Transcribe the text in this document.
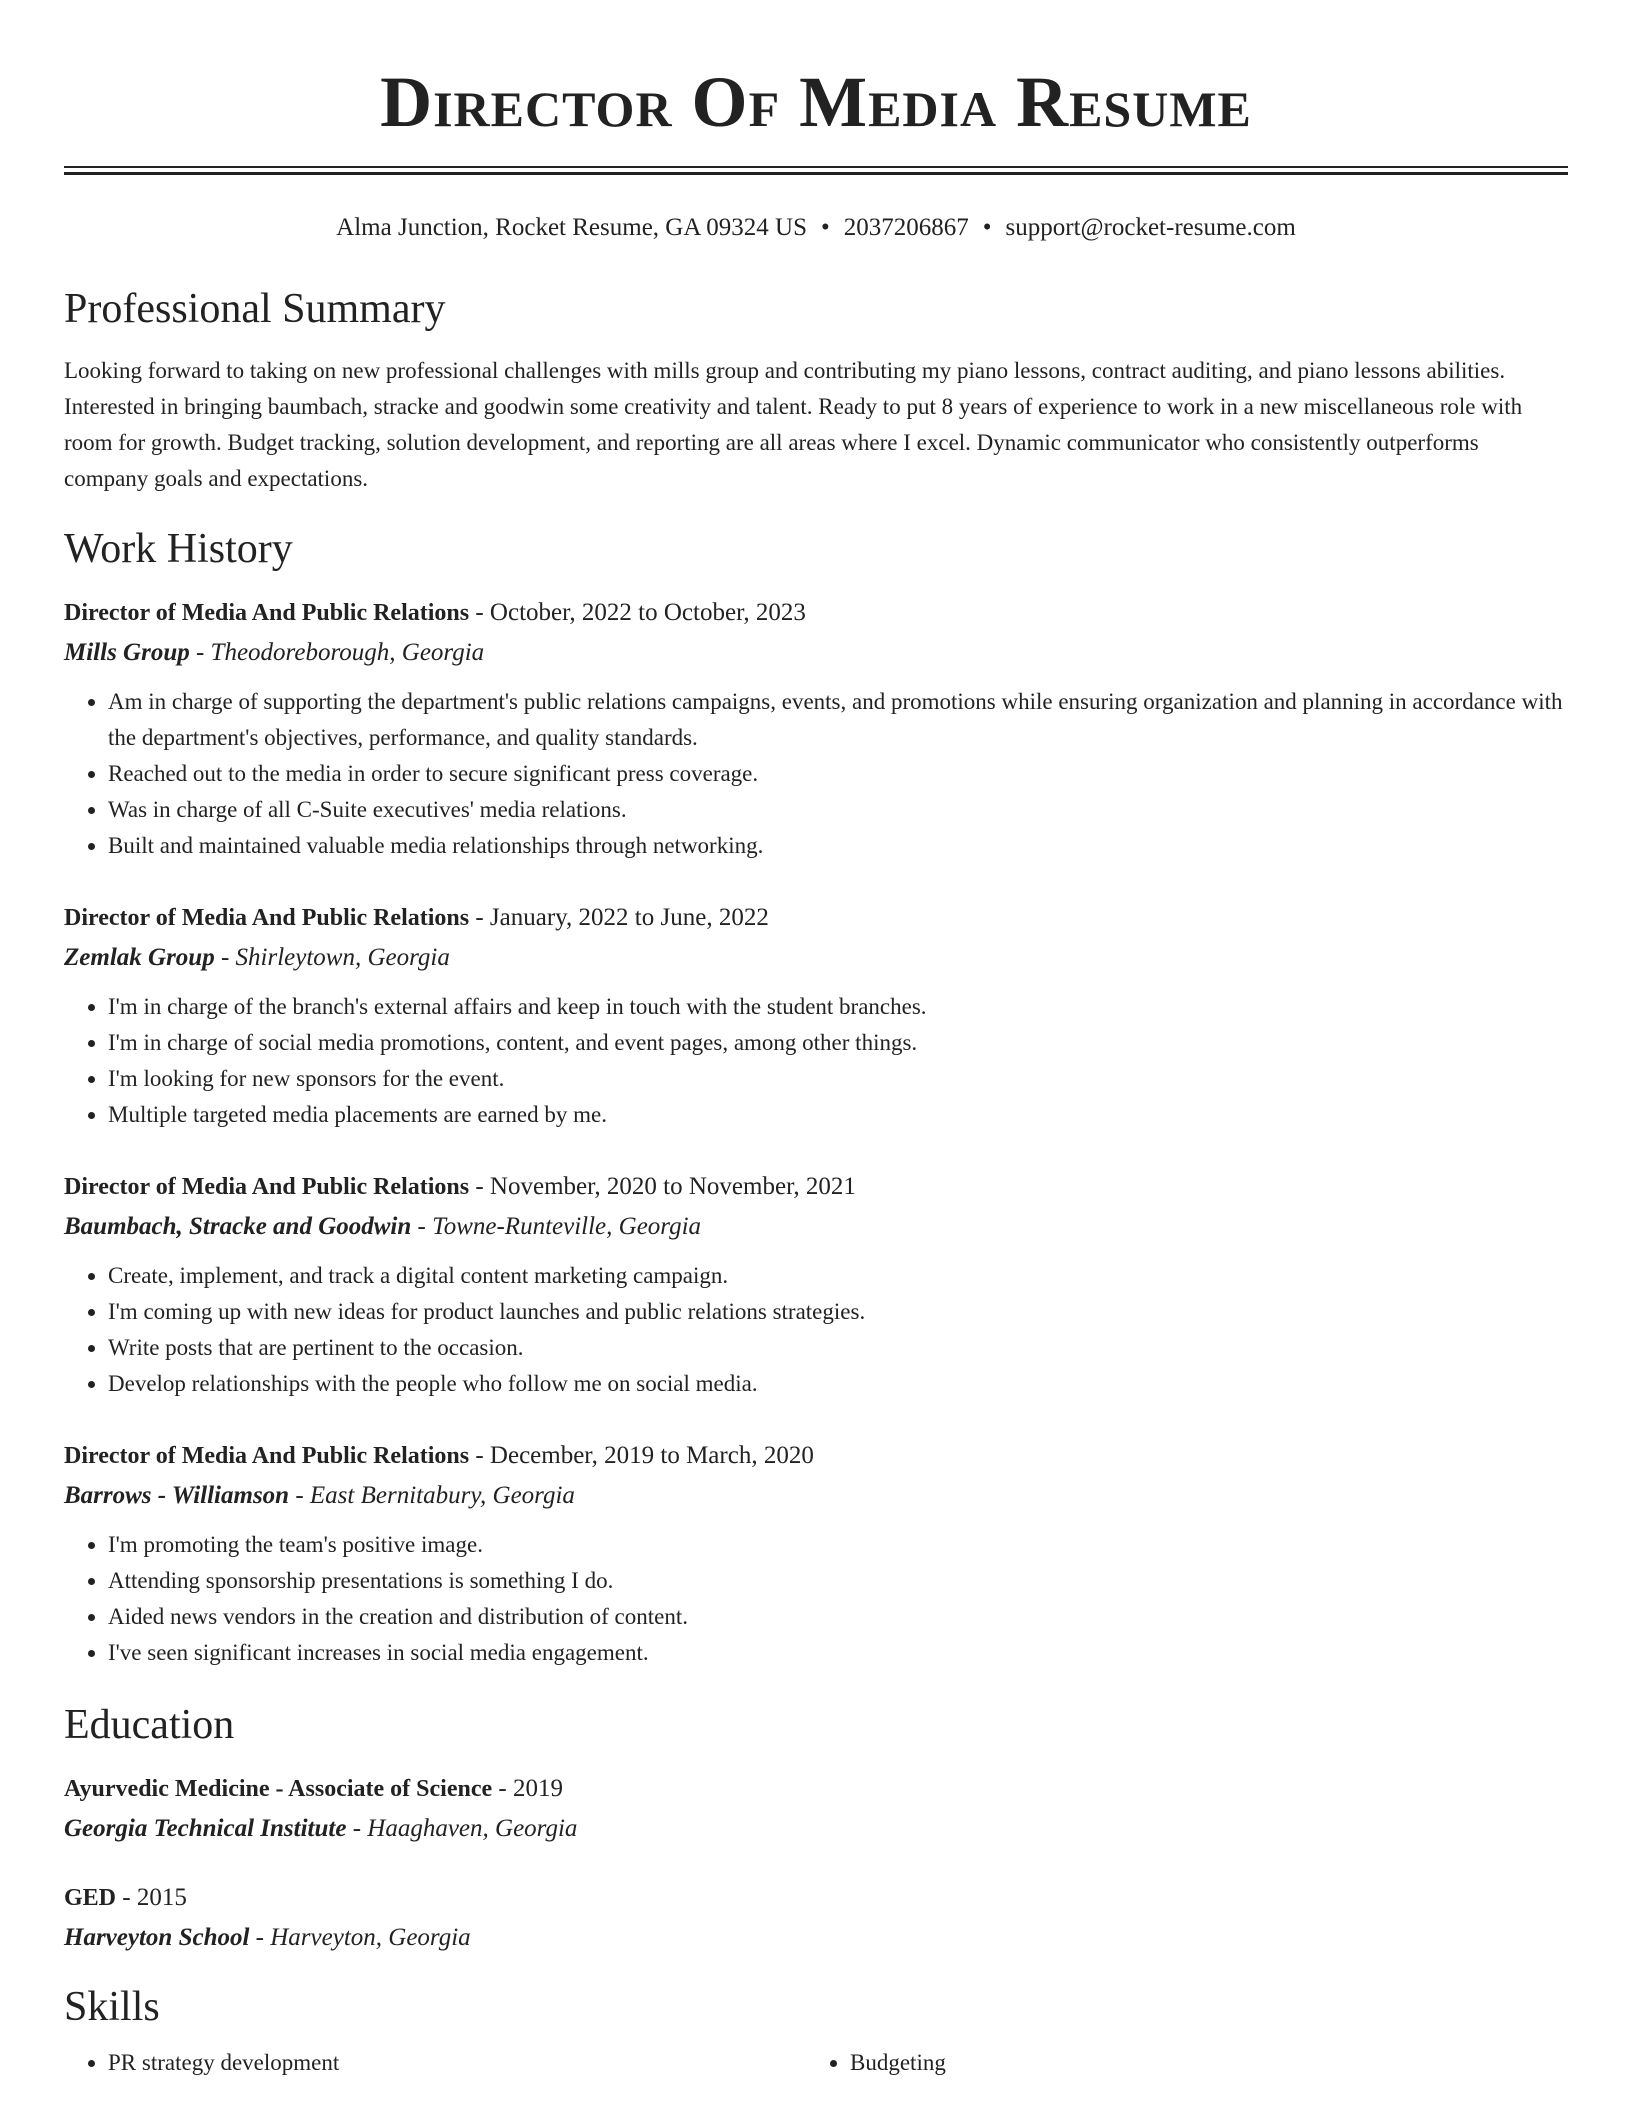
Director Of Media Resume
Alma Junction, Rocket Resume, GA 09324 US • 2037206867 • support@rocket-resume.com
Professional Summary

Looking forward to taking on new professional challenges with mills group and contributing my piano lessons, contract auditing, and piano lessons abilities. Interested in bringing baumbach, stracke and goodwin some creativity and talent. Ready to put 8 years of experience to work in a new miscellaneous role with room for growth. Budget tracking, solution development, and reporting are all areas where I excel. Dynamic communicator who consistently outperforms company goals and expectations.

Work History
Director of Media And Public Relations - October, 2022 to October, 2023
Mills Group - Theodoreborough, Georgia
• Am in charge of supporting the department's public relations campaigns, events, and promotions while ensuring organization and planning in accordance with the department's objectives, performance, and quality standards.
• Reached out to the media in order to secure significant press coverage.
• Was in charge of all C-Suite executives' media relations.
• Built and maintained valuable media relationships through networking.
Director of Media And Public Relations - January, 2022 to June, 2022
Zemlak Group - Shirleytown, Georgia
• I'm in charge of the branch's external affairs and keep in touch with the student branches.
• I'm in charge of social media promotions, content, and event pages, among other things.
• I'm looking for new sponsors for the event.
• Multiple targeted media placements are earned by me.
Director of Media And Public Relations - November, 2020 to November, 2021
Baumbach, Stracke and Goodwin - Towne-Runteville, Georgia
• Create, implement, and track a digital content marketing campaign.
• I'm coming up with new ideas for product launches and public relations strategies.
• Write posts that are pertinent to the occasion.
• Develop relationships with the people who follow me on social media.
Director of Media And Public Relations - December, 2019 to March, 2020
Barrows - Williamson - East Bernitabury, Georgia
• I'm promoting the team's positive image.
• Attending sponsorship presentations is something I do.
• Aided news vendors in the creation and distribution of content.
• I've seen significant increases in social media engagement.
Education
Ayurvedic Medicine - Associate of Science - 2019
Georgia Technical Institute - Haaghaven, Georgia
GED - 2015
Harveyton School - Harveyton, Georgia
Skills
• PR strategy development
•	Budgeting
